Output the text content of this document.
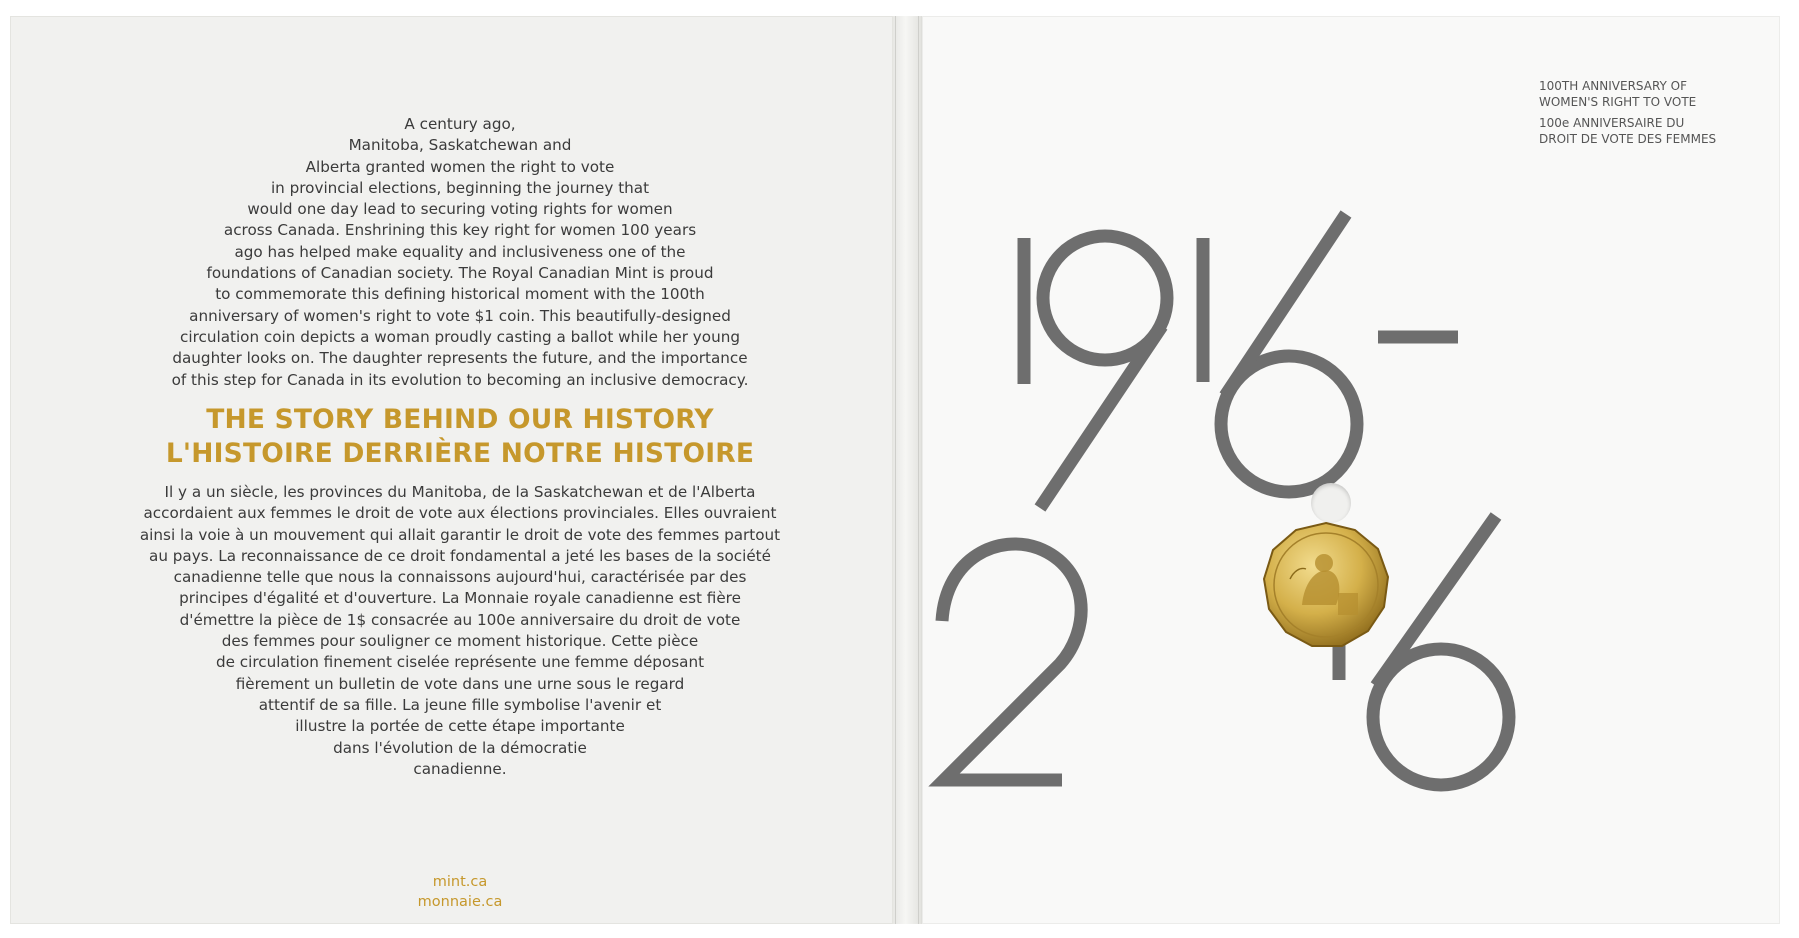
A century ago,
Manitoba, Saskatchewan and
Alberta granted women the right to vote
in provincial elections, beginning the journey that
would one day lead to securing voting rights for women
across Canada. Enshrining this key right for women 100 years
ago has helped make equality and inclusiveness one of the
foundations of Canadian society. The Royal Canadian Mint is proud
to commemorate this defining historical moment with the 100th
anniversary of women's right to vote $1 coin. This beautifully-designed
circulation coin depicts a woman proudly casting a ballot while her young
daughter looks on. The daughter represents the future, and the importance
of this step for Canada in its evolution to becoming an inclusive democracy.

THE STORY BEHIND OUR HISTORY
L'HISTOIRE DERRIÈRE NOTRE HISTOIRE

Il y a un siècle, les provinces du Manitoba, de la Saskatchewan et de l'Alberta
accordaient aux femmes le droit de vote aux élections provinciales. Elles ouvraient
ainsi la voie à un mouvement qui allait garantir le droit de vote des femmes partout
au pays. La reconnaissance de ce droit fondamental a jeté les bases de la société
canadienne telle que nous la connaissons aujourd'hui, caractérisée par des
principes d'égalité et d'ouverture. La Monnaie royale canadienne est fière
d'émettre la pièce de 1$ consacrée au 100e anniversaire du droit de vote
des femmes pour souligner ce moment historique. Cette pièce
de circulation finement ciselée représente une femme déposant
fièrement un bulletin de vote dans une urne sous le regard
attentif de sa fille. La jeune fille symbolise l'avenir et
illustre la portée de cette étape importante
dans l'évolution de la démocratie
canadienne.

mint.ca
monnaie.ca
100TH ANNIVERSARY OF
WOMEN'S RIGHT TO VOTE
100e ANNIVERSAIRE DU
DROIT DE VOTE DES FEMMES
